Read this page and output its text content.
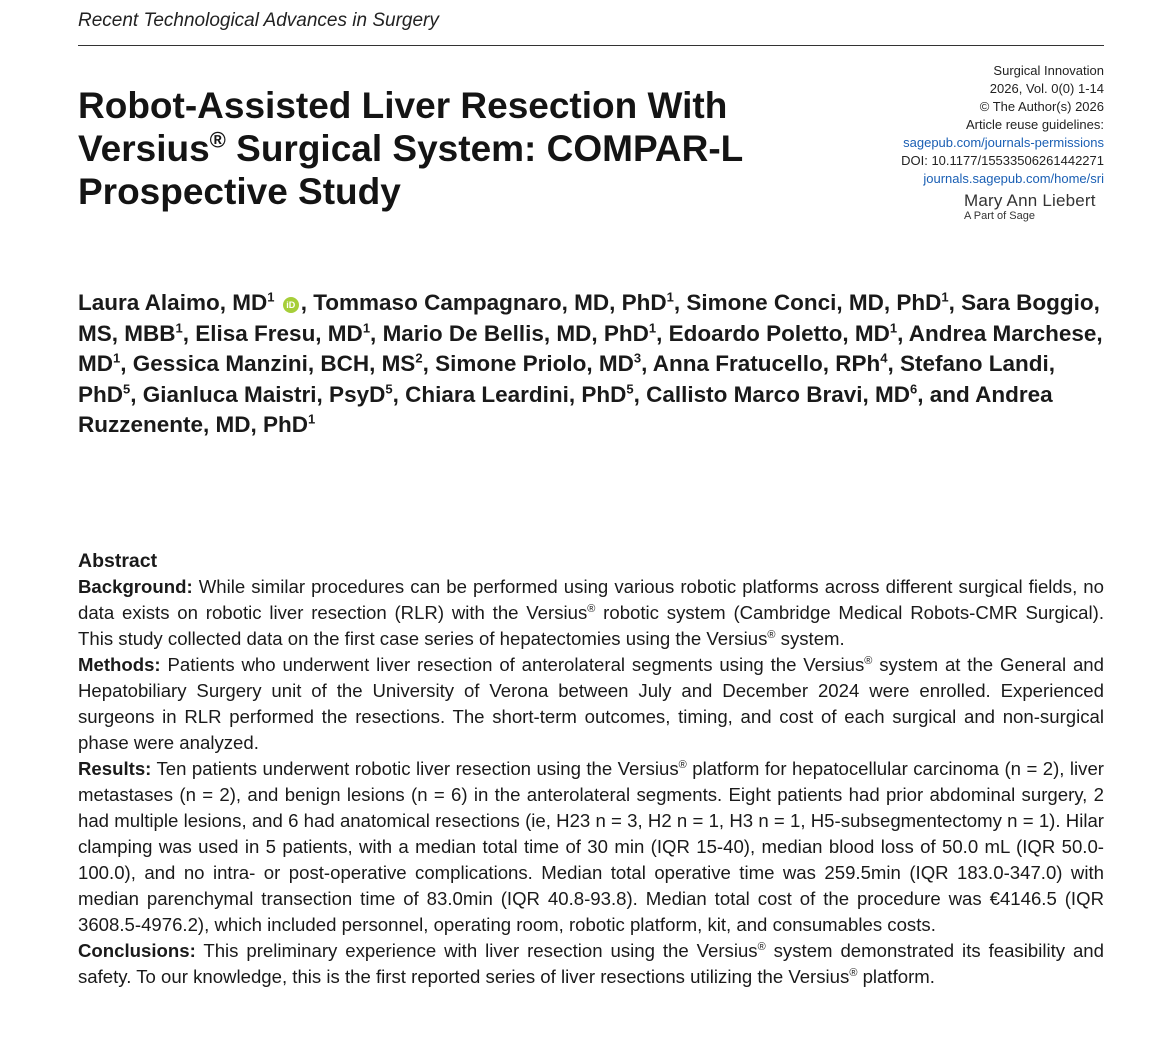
Recent Technological Advances in Surgery
Robot-Assisted Liver Resection With Versius® Surgical System: COMPAR-L Prospective Study
Surgical Innovation
2026, Vol. 0(0) 1-14
© The Author(s) 2026
Article reuse guidelines:
sagepub.com/journals-permissions
DOI: 10.1177/15533506261442271
journals.sagepub.com/home/sri
Mary Ann Liebert
A Part of Sage
Laura Alaimo, $MD^1$ iD , Tommaso Campagnaro, MD, PhD$^1$, Simone Conci, MD, PhD$^1$, Sara Boggio, MS, MBB$^1$, Elisa Fresu, $MD^1$, Mario De Bellis, MD, PhD$^1$, Edoardo Poletto, $MD^1$, Andrea Marchese, $MD^1$, Gessica Manzini, BCH, $MS^2$, Simone Priolo, $MD^3$, Anna Fratucello, RPh$^4$, Stefano Landi, PhD$^5$, Gianluca Maistri, PsyD$^5$, Chiara Leardini, PhD$^5$, Callisto Marco Bravi, $MD^6$, and Andrea Ruzzenente, MD, PhD$^1$
Abstract

Background: While similar procedures can be performed using various robotic platforms across different surgical fields, no data exists on robotic liver resection (RLR) with the Versius® robotic system (Cambridge Medical Robots-CMR Surgical). This study collected data on the first case series of hepatectomies using the Versius® system.

Methods: Patients who underwent liver resection of anterolateral segments using the Versius® system at the General and Hepatobiliary Surgery unit of the University of Verona between July and December 2024 were enrolled. Experienced surgeons in RLR performed the resections. The short-term outcomes, timing, and cost of each surgical and non-surgical phase were analyzed.

Results: Ten patients underwent robotic liver resection using the Versius® platform for hepatocellular carcinoma (n = 2), liver metastases (n = 2), and benign lesions (n = 6) in the anterolateral segments. Eight patients had prior abdominal surgery, 2 had multiple lesions, and 6 had anatomical resections (ie, H23 n = 3, H2 n = 1, H3 n = 1, H5-subsegmentectomy n = 1). Hilar clamping was used in 5 patients, with a median total time of 30 min (IQR 15-40), median blood loss of 50.0 mL (IQR 50.0-100.0), and no intra- or post-operative complications. Median total operative time was 259.5min (IQR 183.0-347.0) with median parenchymal transection time of 83.0min (IQR 40.8-93.8). Median total cost of the procedure was €4146.5 (IQR 3608.5-4976.2), which included personnel, operating room, robotic platform, kit, and consumables costs.

Conclusions: This preliminary experience with liver resection using the Versius® system demonstrated its feasibility and safety. To our knowledge, this is the first reported series of liver resections utilizing the Versius® platform.
